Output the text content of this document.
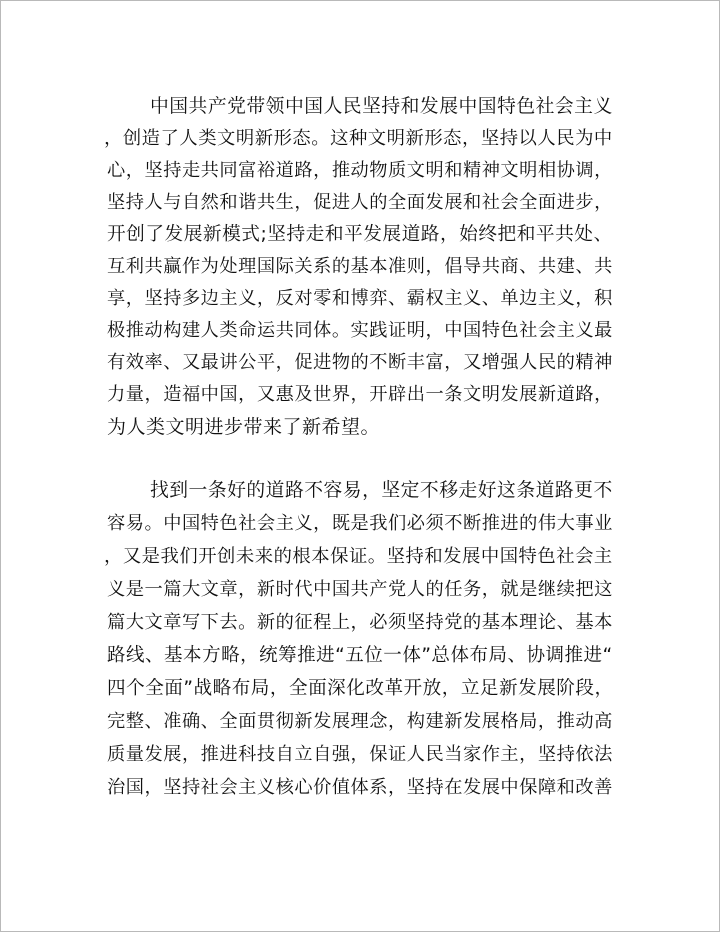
中国共产党带领中国人民坚持和发展中国特色社会主义
，创造了人类文明新形态。这种文明新形态，坚持以人民为中
心，坚持走共同富裕道路，推动物质文明和精神文明相协调，
坚持人与自然和谐共生，促进人的全面发展和社会全面进步，
开创了发展新模式;坚持走和平发展道路，始终把和平共处、
互利共赢作为处理国际关系的基本准则，倡导共商、共建、共
享，坚持多边主义，反对零和博弈、霸权主义、单边主义，积
极推动构建人类命运共同体。实践证明，中国特色社会主义最
有效率、又最讲公平，促进物的不断丰富，又增强人民的精神
力量，造福中国，又惠及世界，开辟出一条文明发展新道路，
为人类文明进步带来了新希望。
找到一条好的道路不容易，坚定不移走好这条道路更不
容易。中国特色社会主义，既是我们必须不断推进的伟大事业
，又是我们开创未来的根本保证。坚持和发展中国特色社会主
义是一篇大文章，新时代中国共产党人的任务，就是继续把这
篇大文章写下去。新的征程上，必须坚持党的基本理论、基本
路线、基本方略，统筹推进“五位一体”总体布局、协调推进“
四个全面”战略布局，全面深化改革开放，立足新发展阶段，
完整、准确、全面贯彻新发展理念，构建新发展格局，推动高
质量发展，推进科技自立自强，保证人民当家作主，坚持依法
治国，坚持社会主义核心价值体系，坚持在发展中保障和改善
